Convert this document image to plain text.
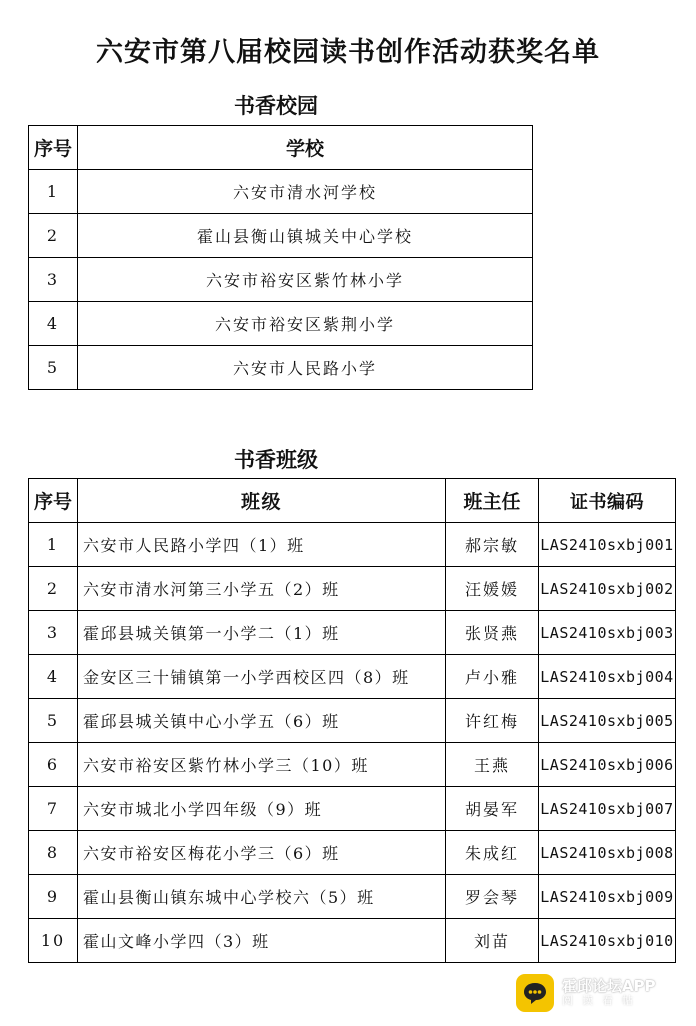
六安市第八届校园读书创作活动获奖名单
书香校园
序号	学校
1	六安市清水河学校
2	霍山县衡山镇城关中心学校
3	六安市裕安区紫竹林小学
4	六安市裕安区紫荆小学
5	六安市人民路小学
书香班级
序号	班级	班主任	证书编码
1	六安市人民路小学四（1）班	郝宗敏	LAS2410sxbj001
2	六安市清水河第三小学五（2）班	汪媛媛	LAS2410sxbj002
3	霍邱县城关镇第一小学二（1）班	张贤燕	LAS2410sxbj003
4	金安区三十铺镇第一小学西校区四（8）班	卢小雅	LAS2410sxbj004
5	霍邱县城关镇中心小学五（6）班	许红梅	LAS2410sxbj005
6	六安市裕安区紫竹林小学三（10）班	王燕	LAS2410sxbj006
7	六安市城北小学四年级（9）班	胡晏军	LAS2410sxbj007
8	六安市裕安区梅花小学三（6）班	朱成红	LAS2410sxbj008
9	霍山县衡山镇东城中心学校六（5）班	罗会琴	LAS2410sxbj009
10	霍山文峰小学四（3）班	刘苗	LAS2410sxbj010
霍邱论坛APP
阅读看帖
